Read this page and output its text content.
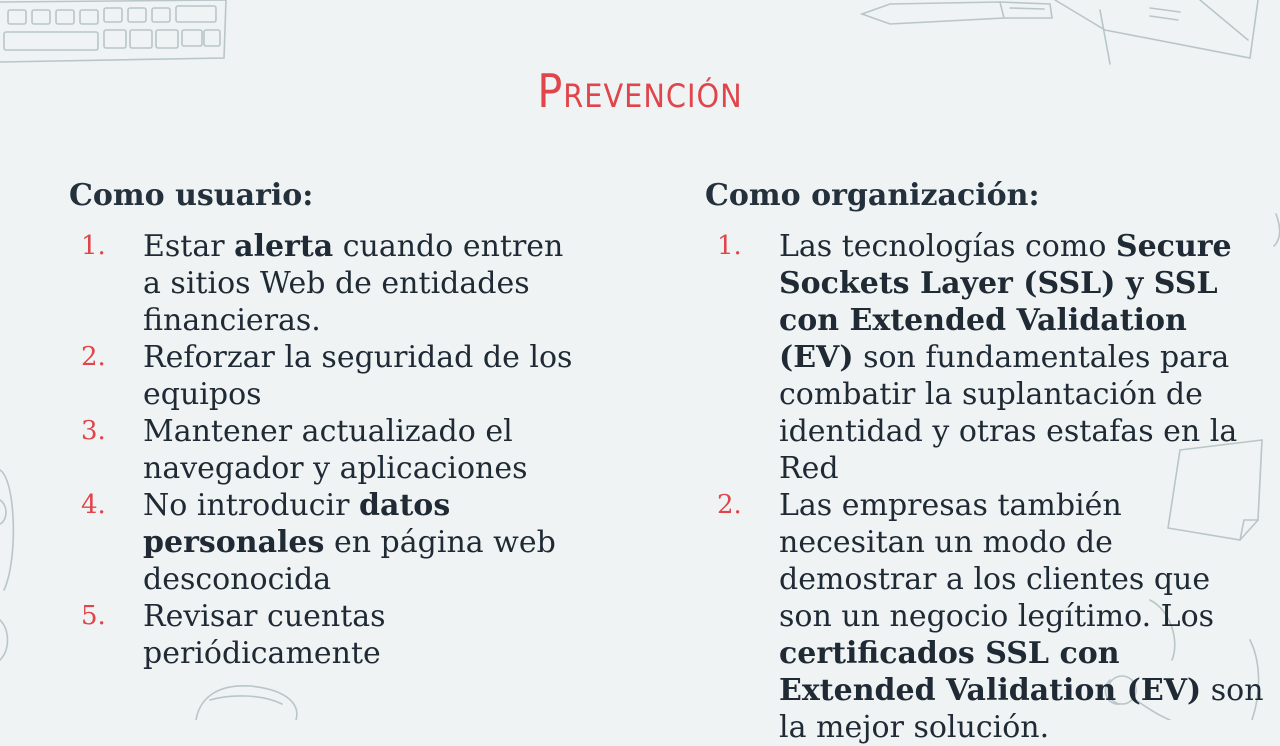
Prevención
Como usuario:
1. Estar alerta cuando entren a sitios Web de entidades financieras.
2. Reforzar la seguridad de los equipos
3. Mantener actualizado el navegador y aplicaciones
4. No introducir datos personales en página web desconocida
5. Revisar cuentas periódicamente
Como organización:
1. Las tecnologías como Secure Sockets Layer (SSL) y SSL con Extended Validation (EV) son fundamentales para combatir la suplantación de identidad y otras estafas en la Red
2. Las empresas también necesitan un modo de demostrar a los clientes que son un negocio legítimo. Los certificados SSL con Extended Validation (EV) son la mejor solución.
